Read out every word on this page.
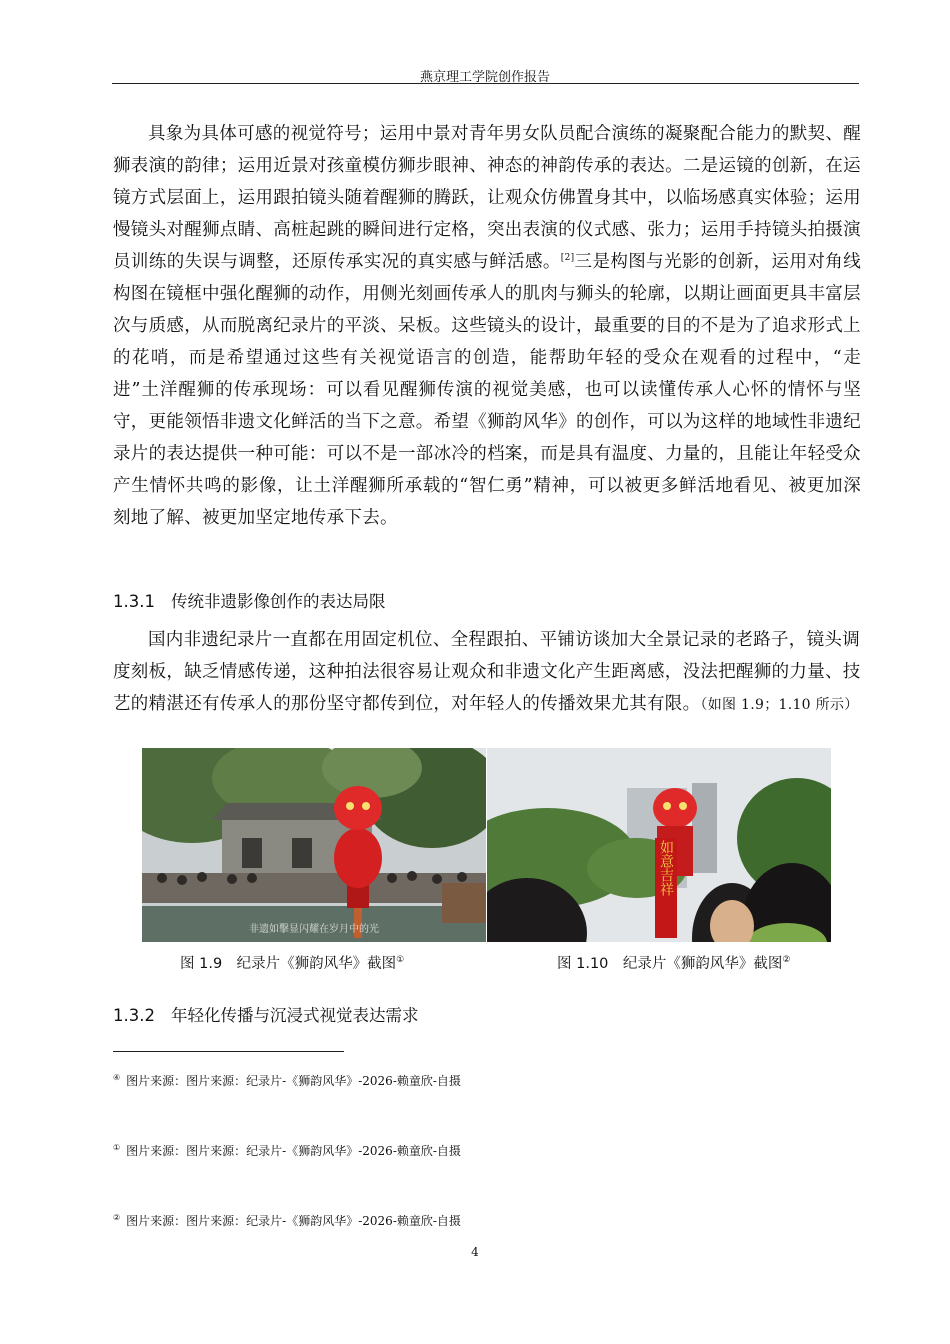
燕京理工学院创作报告

具象为具体可感的视觉符号；运用中景对青年男女队员配合演练的凝聚配合能力的默契、醒狮表演的韵律；运用近景对孩童模仿狮步眼神、神态的神韵传承的表达。二是运镜的创新，在运镜方式层面上，运用跟拍镜头随着醒狮的腾跃，让观众仿佛置身其中，以临场感真实体验；运用慢镜头对醒狮点睛、高桩起跳的瞬间进行定格，突出表演的仪式感、张力；运用手持镜头拍摄演员训练的失误与调整，还原传承实况的真实感与鲜活感。[2]三是构图与光影的创新，运用对角线构图在镜框中强化醒狮的动作，用侧光刻画传承人的肌肉与狮头的轮廓，以期让画面更具丰富层次与质感，从而脱离纪录片的平淡、呆板。这些镜头的设计，最重要的目的不是为了追求形式上的花哨，而是希望通过这些有关视觉语言的创造，能帮助年轻的受众在观看的过程中，“走进”土洋醒狮的传承现场：可以看见醒狮传演的视觉美感，也可以读懂传承人心怀的情怀与坚守，更能领悟非遗文化鲜活的当下之意。希望《狮韵风华》的创作，可以为这样的地域性非遗纪录片的表达提供一种可能：可以不是一部冰冷的档案，而是具有温度、力量的，且能让年轻受众产生情怀共鸣的影像，让土洋醒狮所承载的“智仁勇”精神，可以被更多鲜活地看见、被更加深刻地了解、被更加坚定地传承下去。

1.3.1 传统非遗影像创作的表达局限
国内非遗纪录片一直都在用固定机位、全程跟拍、平铺访谈加大全景记录的老路子，镜头调度刻板，缺乏情感传递，这种拍法很容易让观众和非遗文化产生距离感，没法把醒狮的力量、技艺的精湛还有传承人的那份坚守都传到位，对年轻人的传播效果尤其有限。（如图 1.9；1.10 所示）
非遗如擊显闪耀在岁月中的光
如意吉祥
图 1.9　纪录片《狮韵风华》截图①	图 1.10　纪录片《狮韵风华》截图②
1.3.2 年轻化传播与沉浸式视觉表达需求
④ 图片来源：图片来源：纪录片-《狮韵风华》-2026-赖童欣-自摄
① 图片来源：图片来源：纪录片-《狮韵风华》-2026-赖童欣-自摄
② 图片来源：图片来源：纪录片-《狮韵风华》-2026-赖童欣-自摄
4
